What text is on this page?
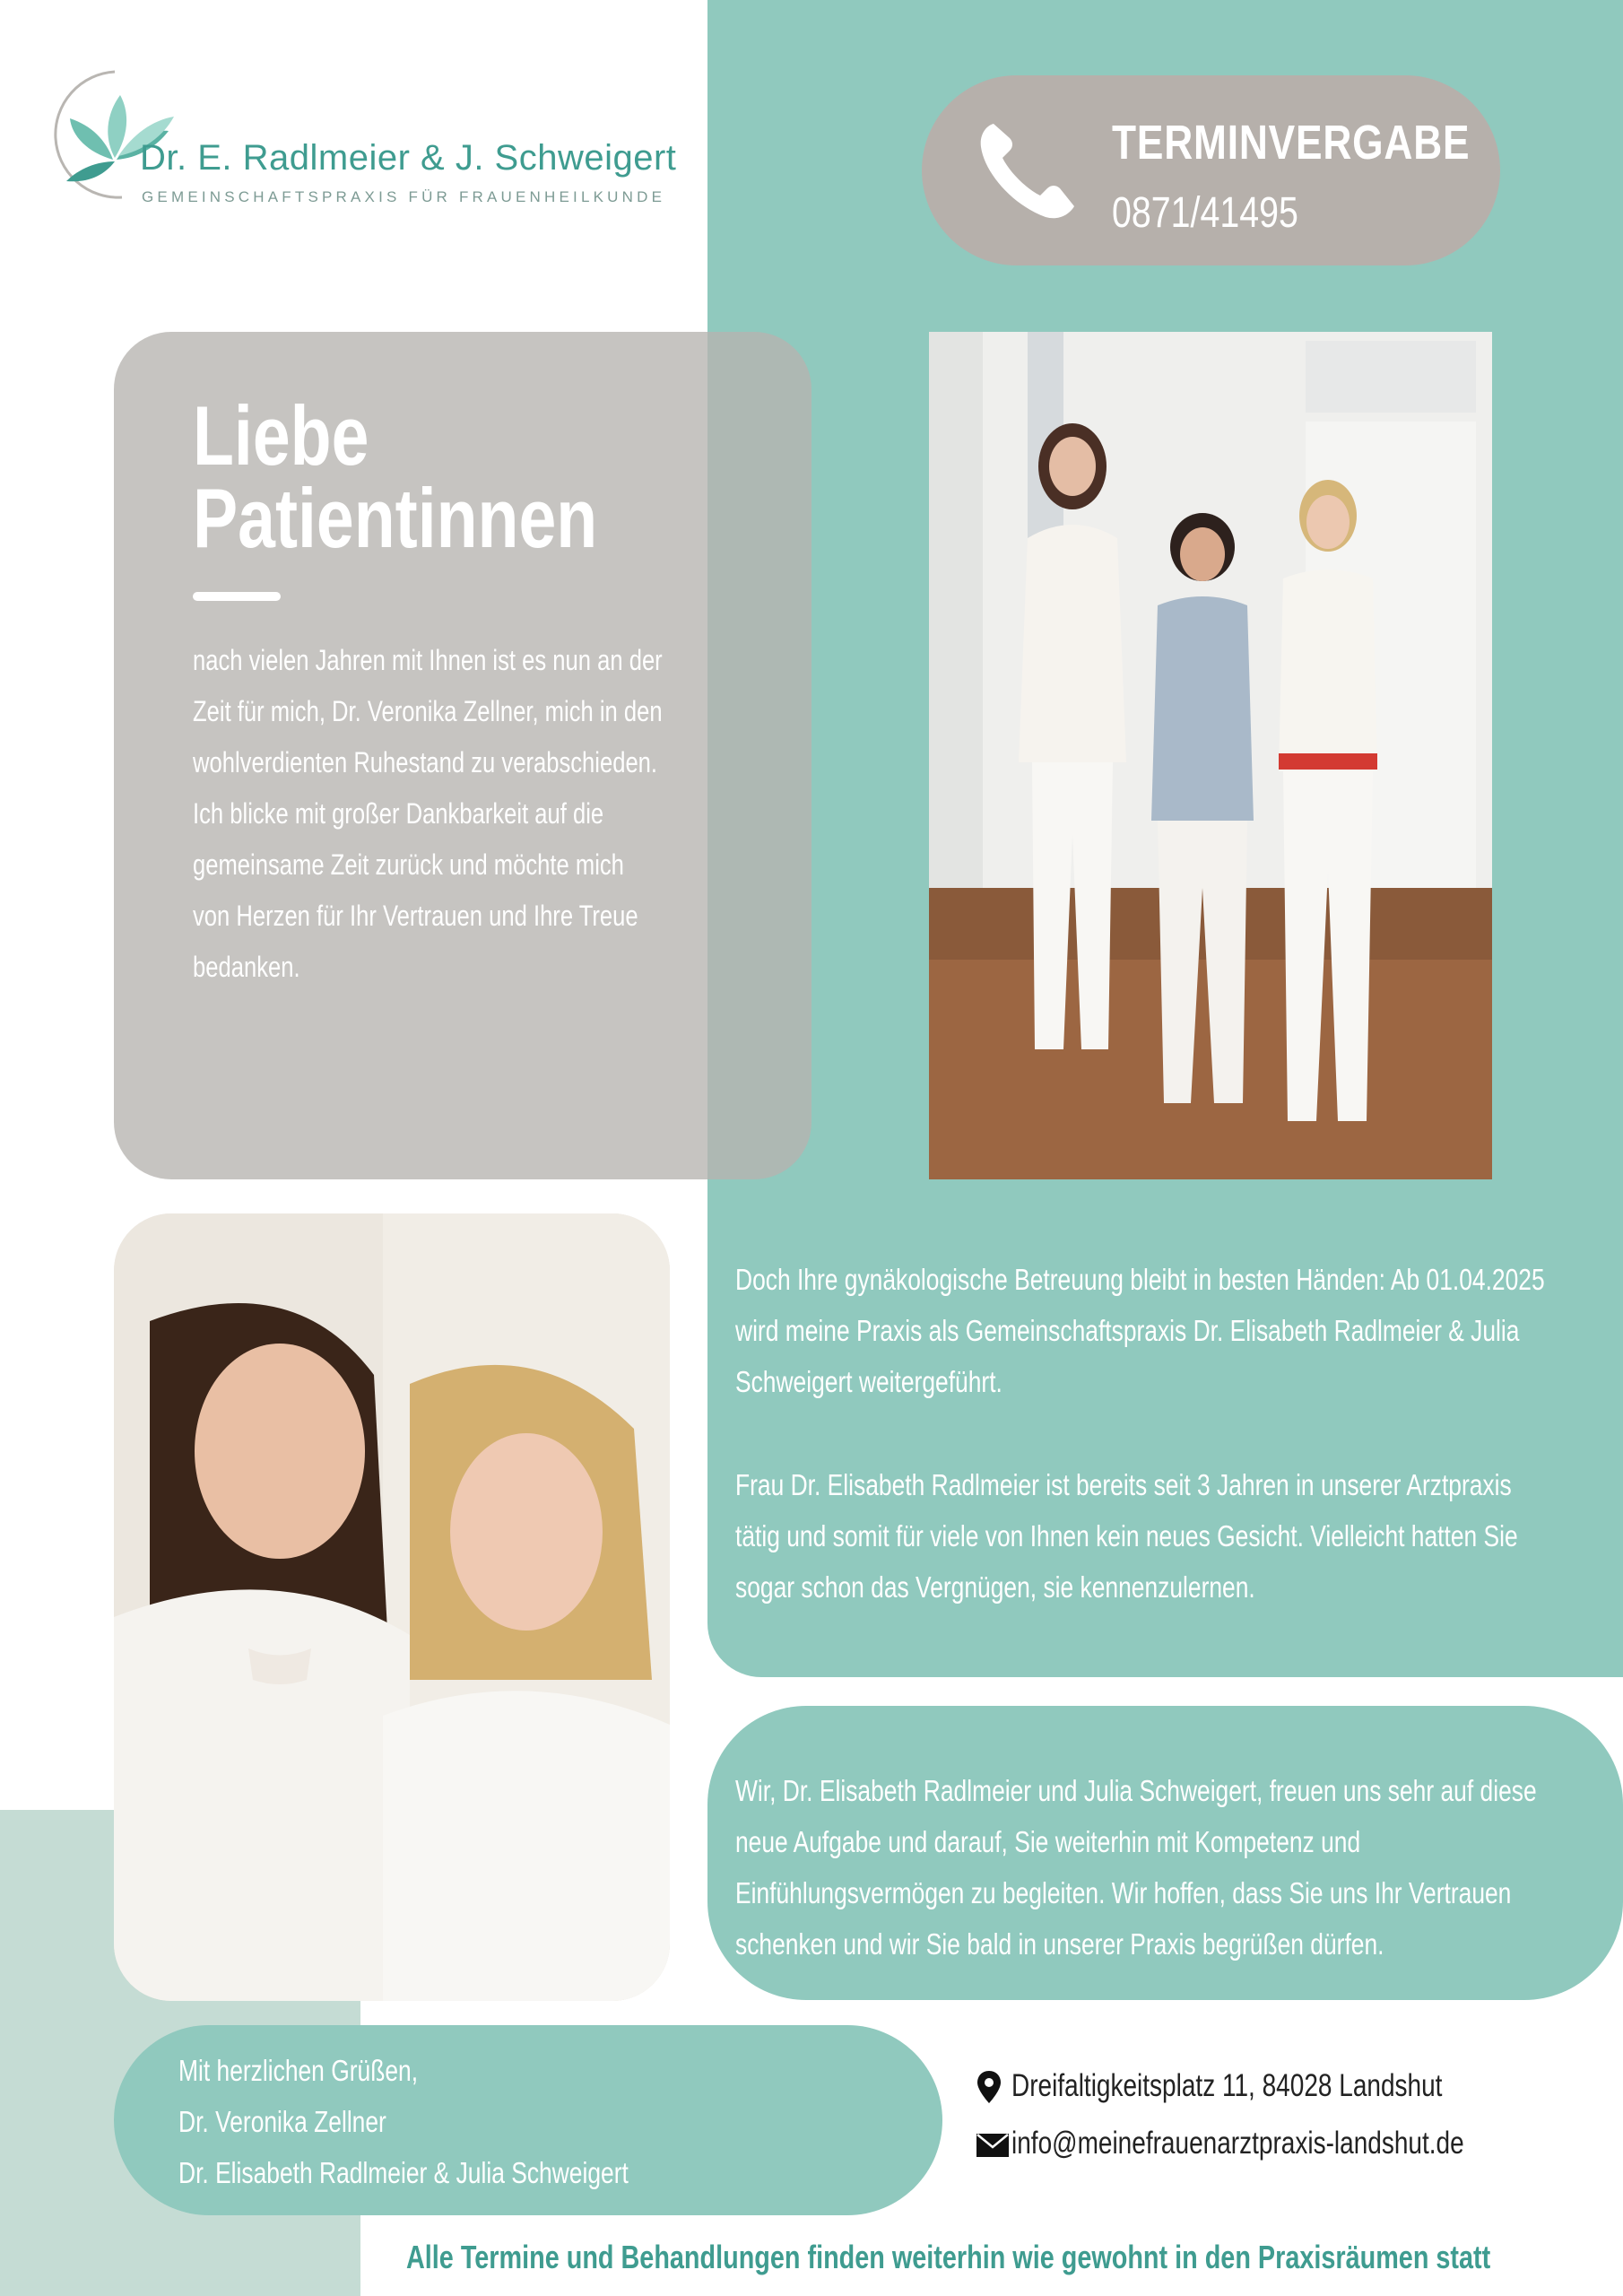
Dr. E. Radlmeier & J. Schweigert
GEMEINSCHAFTSPRAXIS FÜR FRAUENHEILKUNDE
TERMINVERGABE
0871/41495
Liebe
Patientinnen
nach vielen Jahren mit Ihnen ist es nun an der
Zeit für mich, Dr. Veronika Zellner, mich in den
wohlverdienten Ruhestand zu verabschieden.
Ich blicke mit großer Dankbarkeit auf die
gemeinsame Zeit zurück und möchte mich
von Herzen für Ihr Vertrauen und Ihre Treue
bedanken.
Doch Ihre gynäkologische Betreuung bleibt in besten Händen: Ab 01.04.2025
wird meine Praxis als Gemeinschaftspraxis Dr. Elisabeth Radlmeier & Julia
Schweigert weitergeführt.
Frau Dr. Elisabeth Radlmeier ist bereits seit 3 Jahren in unserer Arztpraxis
tätig und somit für viele von Ihnen kein neues Gesicht. Vielleicht hatten Sie
sogar schon das Vergnügen, sie kennenzulernen.
Wir, Dr. Elisabeth Radlmeier und Julia Schweigert, freuen uns sehr auf diese
neue Aufgabe und darauf, Sie weiterhin mit Kompetenz und
Einfühlungsvermögen zu begleiten. Wir hoffen, dass Sie uns Ihr Vertrauen
schenken und wir Sie bald in unserer Praxis begrüßen dürfen.
Mit herzlichen Grüßen,
Dr. Veronika Zellner
Dr. Elisabeth Radlmeier & Julia Schweigert
Dreifaltigkeitsplatz 11, 84028 Landshut
info@meinefrauenarztpraxis-landshut.de
Alle Termine und Behandlungen finden weiterhin wie gewohnt in den Praxisräumen statt
